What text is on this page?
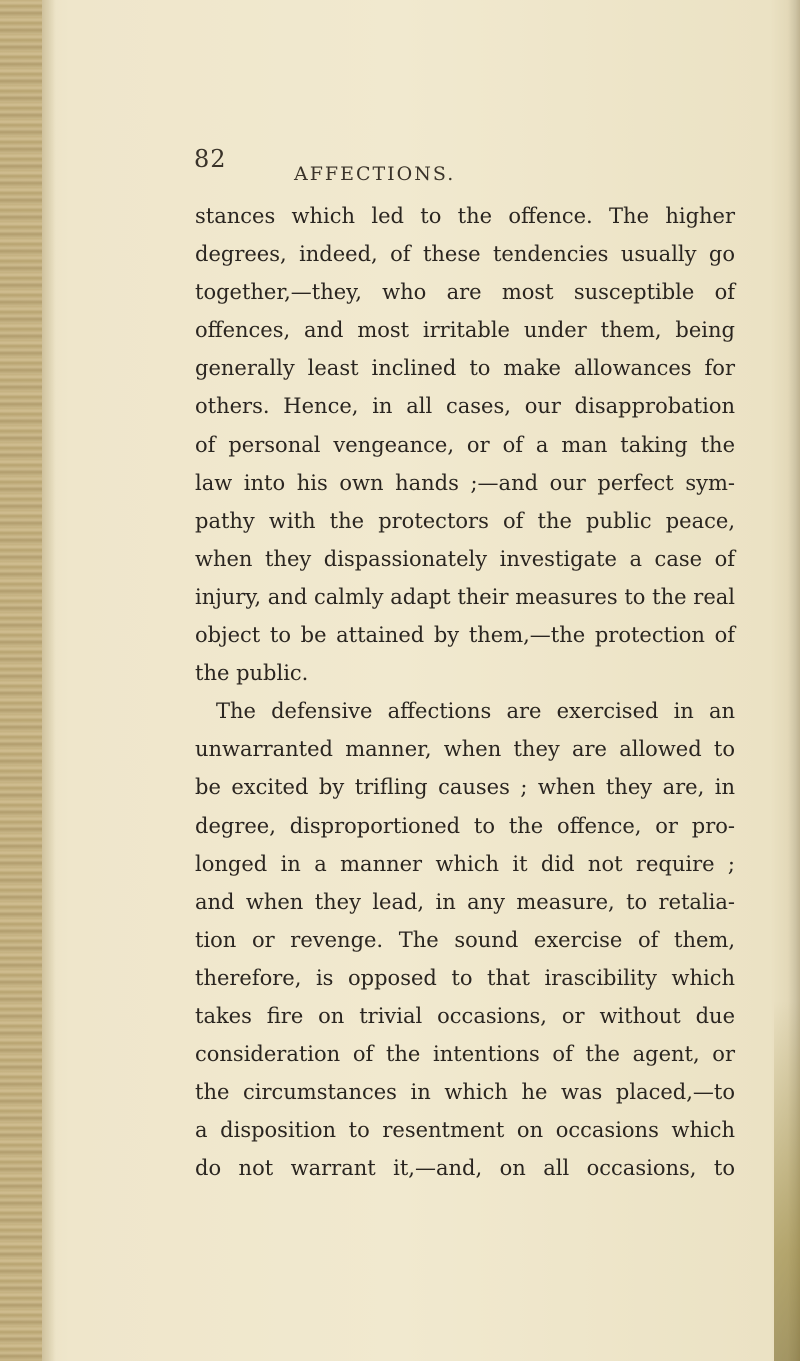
82
AFFECTIONS.
stances which led to the offence. The higher
degrees, indeed, of these tendencies usually go
together,—they, who are most susceptible of
offences, and most irritable under them, being
generally least inclined to make allowances for
others. Hence, in all cases, our disapprobation
of personal vengeance, or of a man taking the
law into his own hands ;—and our perfect sym-
pathy with the protectors of the public peace,
when they dispassionately investigate a case of
injury, and calmly adapt their measures to the real
object to be attained by them,—the protection of
the public.
The defensive affections are exercised in an
unwarranted manner, when they are allowed to
be excited by trifling causes ; when they are, in
degree, disproportioned to the offence, or pro-
longed in a manner which it did not require ;
and when they lead, in any measure, to retalia-
tion or revenge. The sound exercise of them,
therefore, is opposed to that irascibility which
takes fire on trivial occasions, or without due
consideration of the intentions of the agent, or
the circumstances in which he was placed,—to
a disposition to resentment on occasions which
do not warrant it,—and, on all occasions, to
